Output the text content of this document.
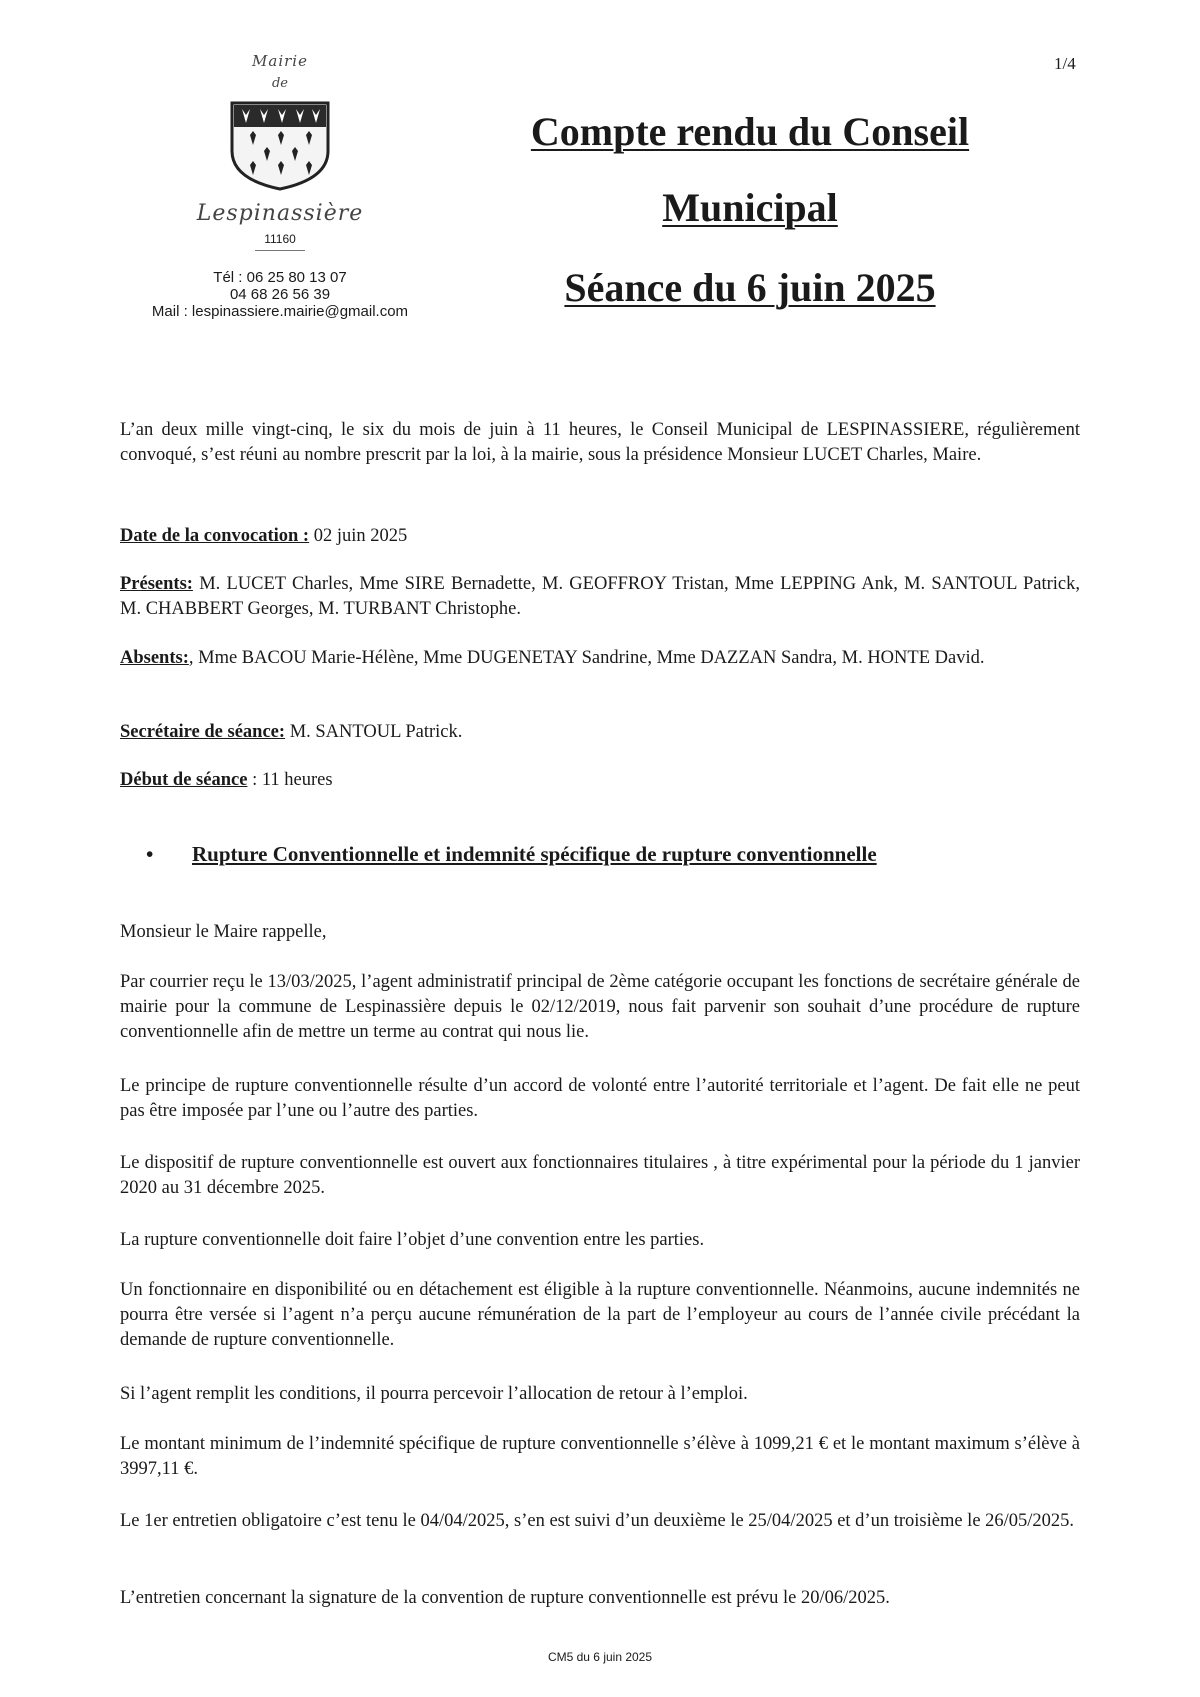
1/4
Mairie
de
Lespinassière
11160
Tél : 06 25 80 13 07
04 68 26 56 39
Mail : lespinassiere.mairie@gmail.com
Compte rendu du Conseil
Municipal
Séance du 6 juin 2025
L’an deux mille vingt-cinq, le six du mois de juin à 11 heures, le Conseil Municipal de LESPINASSIERE, régulièrement convoqué, s’est réuni au nombre prescrit par la loi, à la mairie, sous la présidence Monsieur LUCET Charles, Maire.
Date de la convocation : 02 juin 2025
Présents: M. LUCET Charles, Mme SIRE Bernadette, M. GEOFFROY Tristan, Mme LEPPING Ank, M. SANTOUL Patrick, M. CHABBERT Georges, M. TURBANT Christophe.
Absents:, Mme BACOU Marie-Hélène, Mme DUGENETAY Sandrine, Mme DAZZAN Sandra, M. HONTE David.
Secrétaire de séance: M. SANTOUL Patrick.
Début de séance : 11 heures
• Rupture Conventionnelle et indemnité spécifique de rupture conventionnelle
Monsieur le Maire rappelle,
Par courrier reçu le 13/03/2025, l’agent administratif principal de 2ème catégorie occupant les fonctions de secrétaire générale de mairie pour la commune de Lespinassière depuis le 02/12/2019, nous fait parvenir son souhait d’une procédure de rupture conventionnelle afin de mettre un terme au contrat qui nous lie.
Le principe de rupture conventionnelle résulte d’un accord de volonté entre l’autorité territoriale et l’agent. De fait elle ne peut pas être imposée par l’une ou l’autre des parties.
Le dispositif de rupture conventionnelle est ouvert aux fonctionnaires titulaires , à titre expérimental pour la période du 1 janvier 2020 au 31 décembre 2025.
La rupture conventionnelle doit faire l’objet d’une convention entre les parties.
Un fonctionnaire en disponibilité ou en détachement est éligible à la rupture conventionnelle. Néanmoins, aucune indemnités ne pourra être versée si l’agent n’a perçu aucune rémunération de la part de l’employeur au cours de l’année civile précédant la demande de rupture conventionnelle.
Si l’agent remplit les conditions, il pourra percevoir l’allocation de retour à l’emploi.
Le montant minimum de l’indemnité spécifique de rupture conventionnelle s’élève à 1099,21 € et le montant maximum s’élève à 3997,11 €.
Le 1er entretien obligatoire c’est tenu le 04/04/2025, s’en est suivi d’un deuxième le 25/04/2025 et d’un troisième le 26/05/2025.
L’entretien concernant la signature de la convention de rupture conventionnelle est prévu le 20/06/2025.
CM5 du 6 juin 2025
